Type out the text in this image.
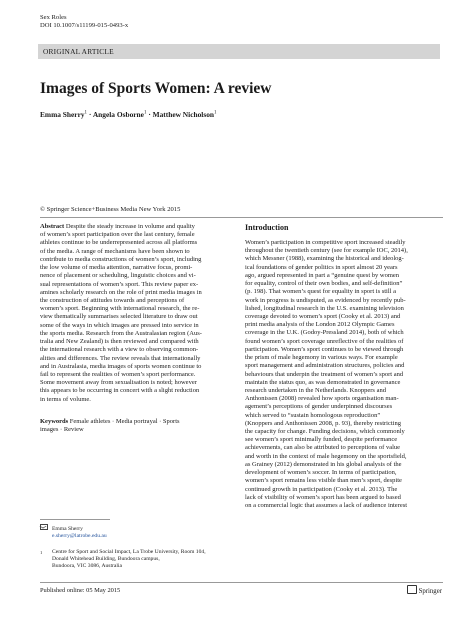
Sex Roles
DOI 10.1007/s11199-015-0493-x
ORIGINAL ARTICLE
Images of Sports Women: A review
Emma Sherry$^1$ · Angela Osborne$^1$ · Matthew Nicholson$^1$
© Springer Science+Business Media New York 2015
Abstract Despite the steady increase in volume and quality
of women’s sport participation over the last century, female
athletes continue to be underrepresented across all platforms
of the media. A range of mechanisms have been shown to
contribute to media constructions of women’s sport, including
the low volume of media attention, narrative focus, promi-
nence of placement or scheduling, linguistic choices and vi-
sual representations of women’s sport. This review paper ex-
amines scholarly research on the role of print media images in
the construction of attitudes towards and perceptions of
women’s sport. Beginning with international research, the re-
view thematically summarises selected literature to draw out
some of the ways in which images are pressed into service in
the sports media. Research from the Australasian region (Aus-
tralia and New Zealand) is then reviewed and compared with
the international research with a view to observing common-
alities and differences. The review reveals that internationally
and in Australasia, media images of sports women continue to
fail to represent the realities of women’s sport performance.
Some movement away from sexualisation is noted; however
this appears to be occurring in concert with a slight reduction
in terms of volume.
Keywords Female athletes · Media portrayal · Sports
images · Review
Introduction
Women’s participation in competitive sport increased steadily
throughout the twentieth century (see for example IOC, 2014),
which Messner (1988), examining the historical and ideolog-
ical foundations of gender politics in sport almost 20 years
ago, argued represented in part a “genuine quest by women
for equality, control of their own bodies, and self-definition”
(p. 198). That women’s quest for equality in sport is still a
work in progress is undisputed, as evidenced by recently pub-
lished, longitudinal research in the U.S. examining television
coverage devoted to women’s sport (Cooky et al. 2013) and
print media analysis of the London 2012 Olympic Games
coverage in the U.K. (Godoy-Pressland 2014), both of which
found women’s sport coverage unreflective of the realities of
participation. Women’s sport continues to be viewed through
the prism of male hegemony in various ways. For example
sport management and administration structures, policies and
behaviours that underpin the treatment of women’s sport and
maintain the status quo, as was demonstrated in governance
research undertaken in the Netherlands. Knoppers and
Anthonissen (2008) revealed how sports organisation man-
agement’s perceptions of gender underpinned discourses
which served to “sustain homologous reproduction”
(Knoppers and Anthonissen 2008, p. 93), thereby restricting
the capacity for change. Funding decisions, which commonly
see women’s sport minimally funded, despite performance
achievements, can also be attributed to perceptions of value
and worth in the context of male hegemony on the sportsfield,
as Grainey (2012) demonstrated in his global analysis of the
development of women’s soccer. In terms of participation,
women’s sport remains less visible than men’s sport, despite
continued growth in participation (Cooky et al. 2013). The
lack of visibility of women’s sport has been argued to based
on a commercial logic that assumes a lack of audience interest
Emma Sherry
e.sherry@latrobe.edu.au
1	Centre for Sport and Social Impact, La Trobe University, Room 104,
Donald Whitehead Building, Bundoora campus,
Bundoora, VIC 3086, Australia
Published online: 05 May 2015	Springer
